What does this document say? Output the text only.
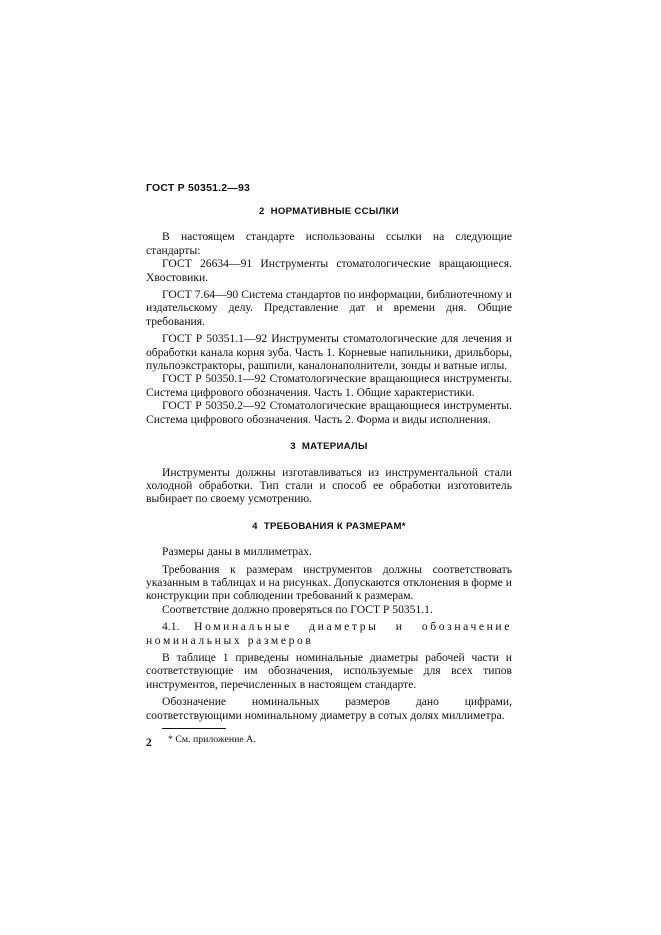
ГОСТ Р 50351.2—93
2 НОРМАТИВНЫЕ ССЫЛКИ

В настоящем стандарте использованы ссылки на следующие стандарты:

ГОСТ 26634—91 Инструменты стоматологические вращающиеся. Хвостовики.

ГОСТ 7.64—90 Система стандартов по информации, библиотечному и издательскому делу. Представление дат и времени дня. Общие требования.

ГОСТ Р 50351.1—92 Инструменты стоматологические для лечения и обработки канала корня зуба. Часть 1. Корневые напильники, дрильборы, пульпоэкстракторы, рашпили, каналонаполнители, зонды и ватные иглы.

ГОСТ Р 50350.1—92 Стоматологические вращающиеся инструменты. Система цифрового обозначения. Часть 1. Общие характеристики.

ГОСТ Р 50350.2—92 Стоматологические вращающиеся инструменты. Система цифрового обозначения. Часть 2. Форма и виды исполнения.

3 МАТЕРИАЛЫ

Инструменты должны изготавливаться из инструментальной стали холодной обработки. Тип стали и способ ее обработки изготовитель выбирает по своему усмотрению.

4 ТРЕБОВАНИЯ К РАЗМЕРАМ*

Размеры даны в миллиметрах.

Требования к размерам инструментов должны соответствовать указанным в таблицах и на рисунках. Допускаются отклонения в форме и конструкции при соблюдении требований к размерам.

Соответствие должно проверяться по ГОСТ Р 50351.1.

4.1. Номинальные диаметры и обозначение номинальных размеров

В таблице 1 приведены номинальные диаметры рабочей части и соответствующие им обозначения, используемые для всех типов инструментов, перечисленных в настоящем стандарте.

Обозначение номинальных размеров дано цифрами, соответствующими номинальному диаметру в сотых долях миллиметра.

* См. приложение А.
2
